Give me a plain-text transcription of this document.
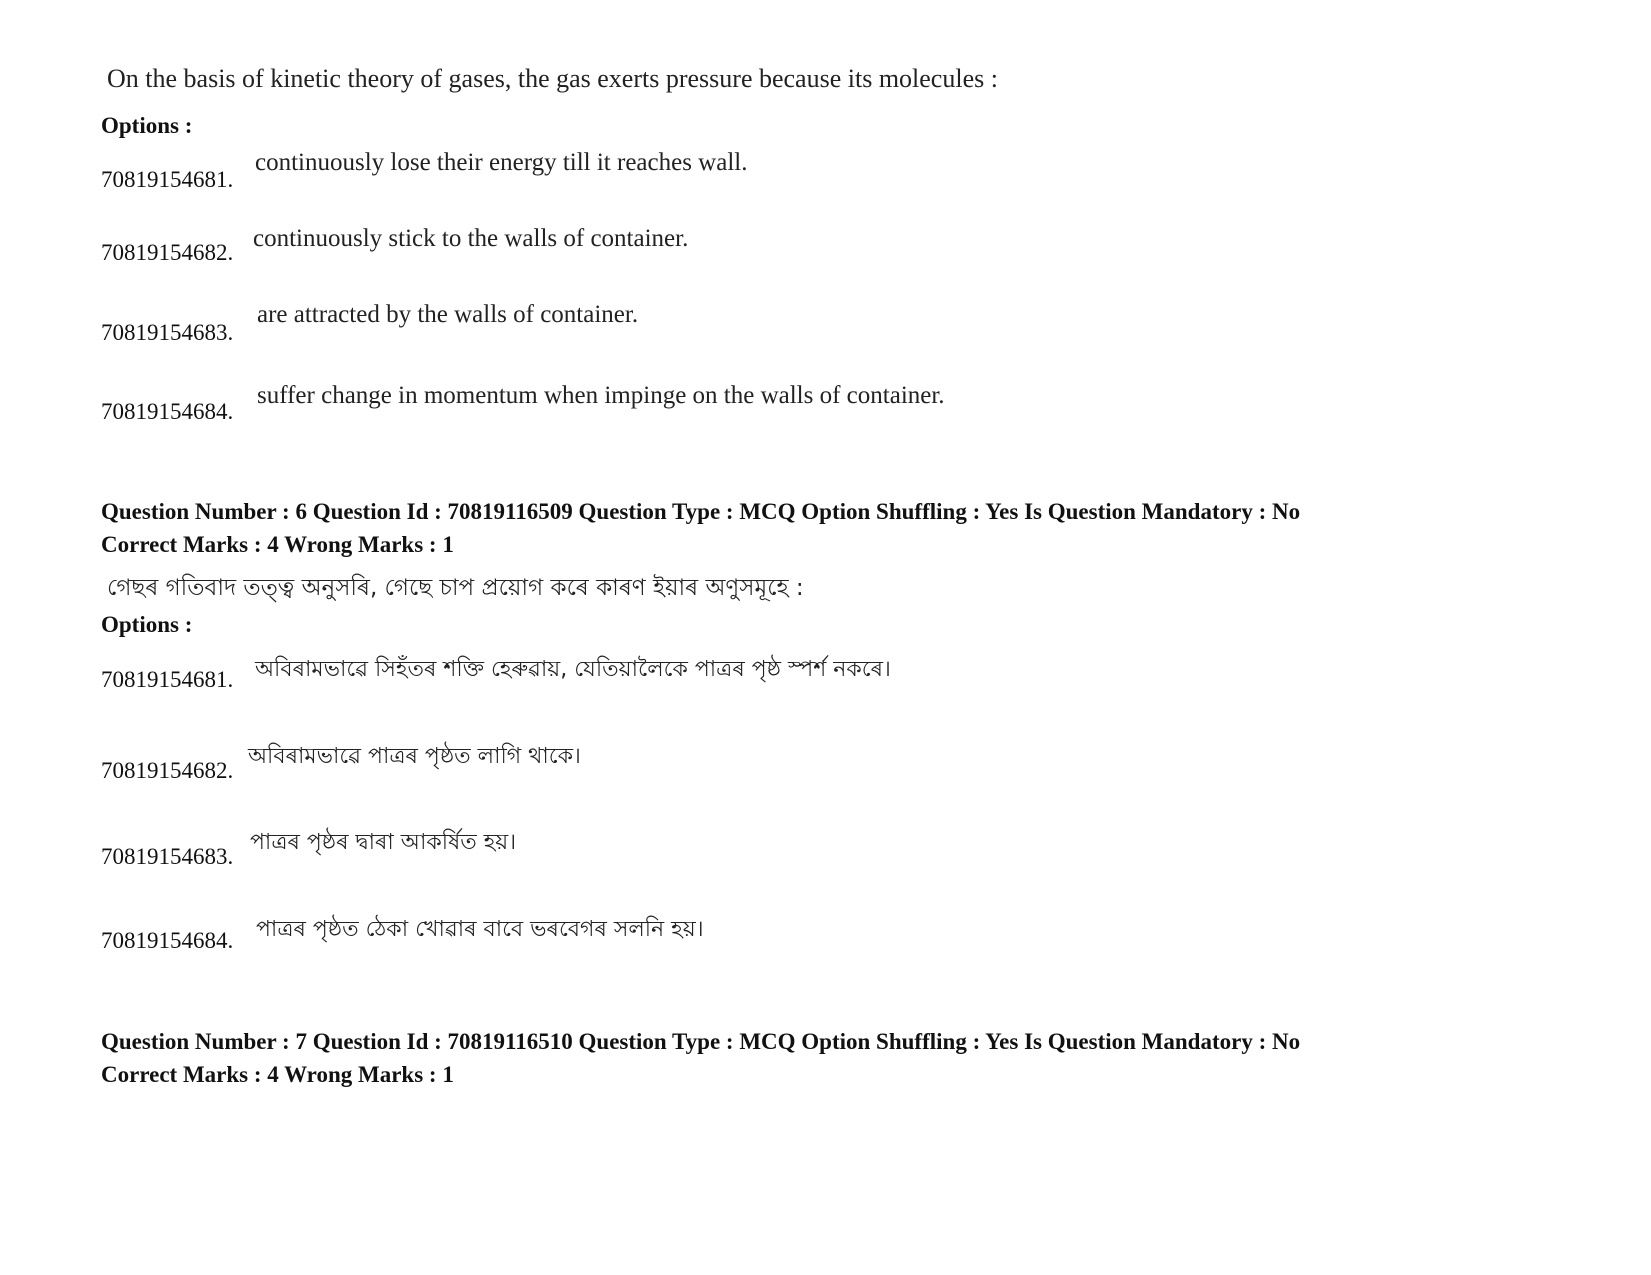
On the basis of kinetic theory of gases, the gas exerts pressure because its molecules :
Options :
70819154681.
continuously lose their energy till it reaches wall.
70819154682.
continuously stick to the walls of container.
70819154683.
are attracted by the walls of container.
70819154684.
suffer change in momentum when impinge on the walls of container.
Question Number : 6 Question Id : 70819116509 Question Type : MCQ Option Shuffling : Yes Is Question Mandatory : No
Correct Marks : 4 Wrong Marks : 1
গেছৰ গতিবাদ তত্ত্ব অনুসৰি, গেছে চাপ প্ৰয়োগ কৰে কাৰণ ইয়াৰ অণুসমূহে :
Options :
70819154681. অবিৰামভাৱে সিহঁতৰ শক্তি হেৰুৱায়, যেতিয়ালৈকে পাত্ৰৰ পৃষ্ঠ স্পৰ্শ নকৰে।
70819154682.
অবিৰামভাৱে পাত্ৰৰ পৃষ্ঠত লাগি থাকে।
70819154683.
পাত্ৰৰ পৃষ্ঠৰ দ্বাৰা আকৰ্ষিত হয়।
70819154684. পাত্ৰৰ পৃষ্ঠত ঠেকা খোৱাৰ বাবে ভৰবেগৰ সলনি হয়।
Question Number : 7 Question Id : 70819116510 Question Type : MCQ Option Shuffling : Yes Is Question Mandatory : No
Correct Marks : 4 Wrong Marks : 1
